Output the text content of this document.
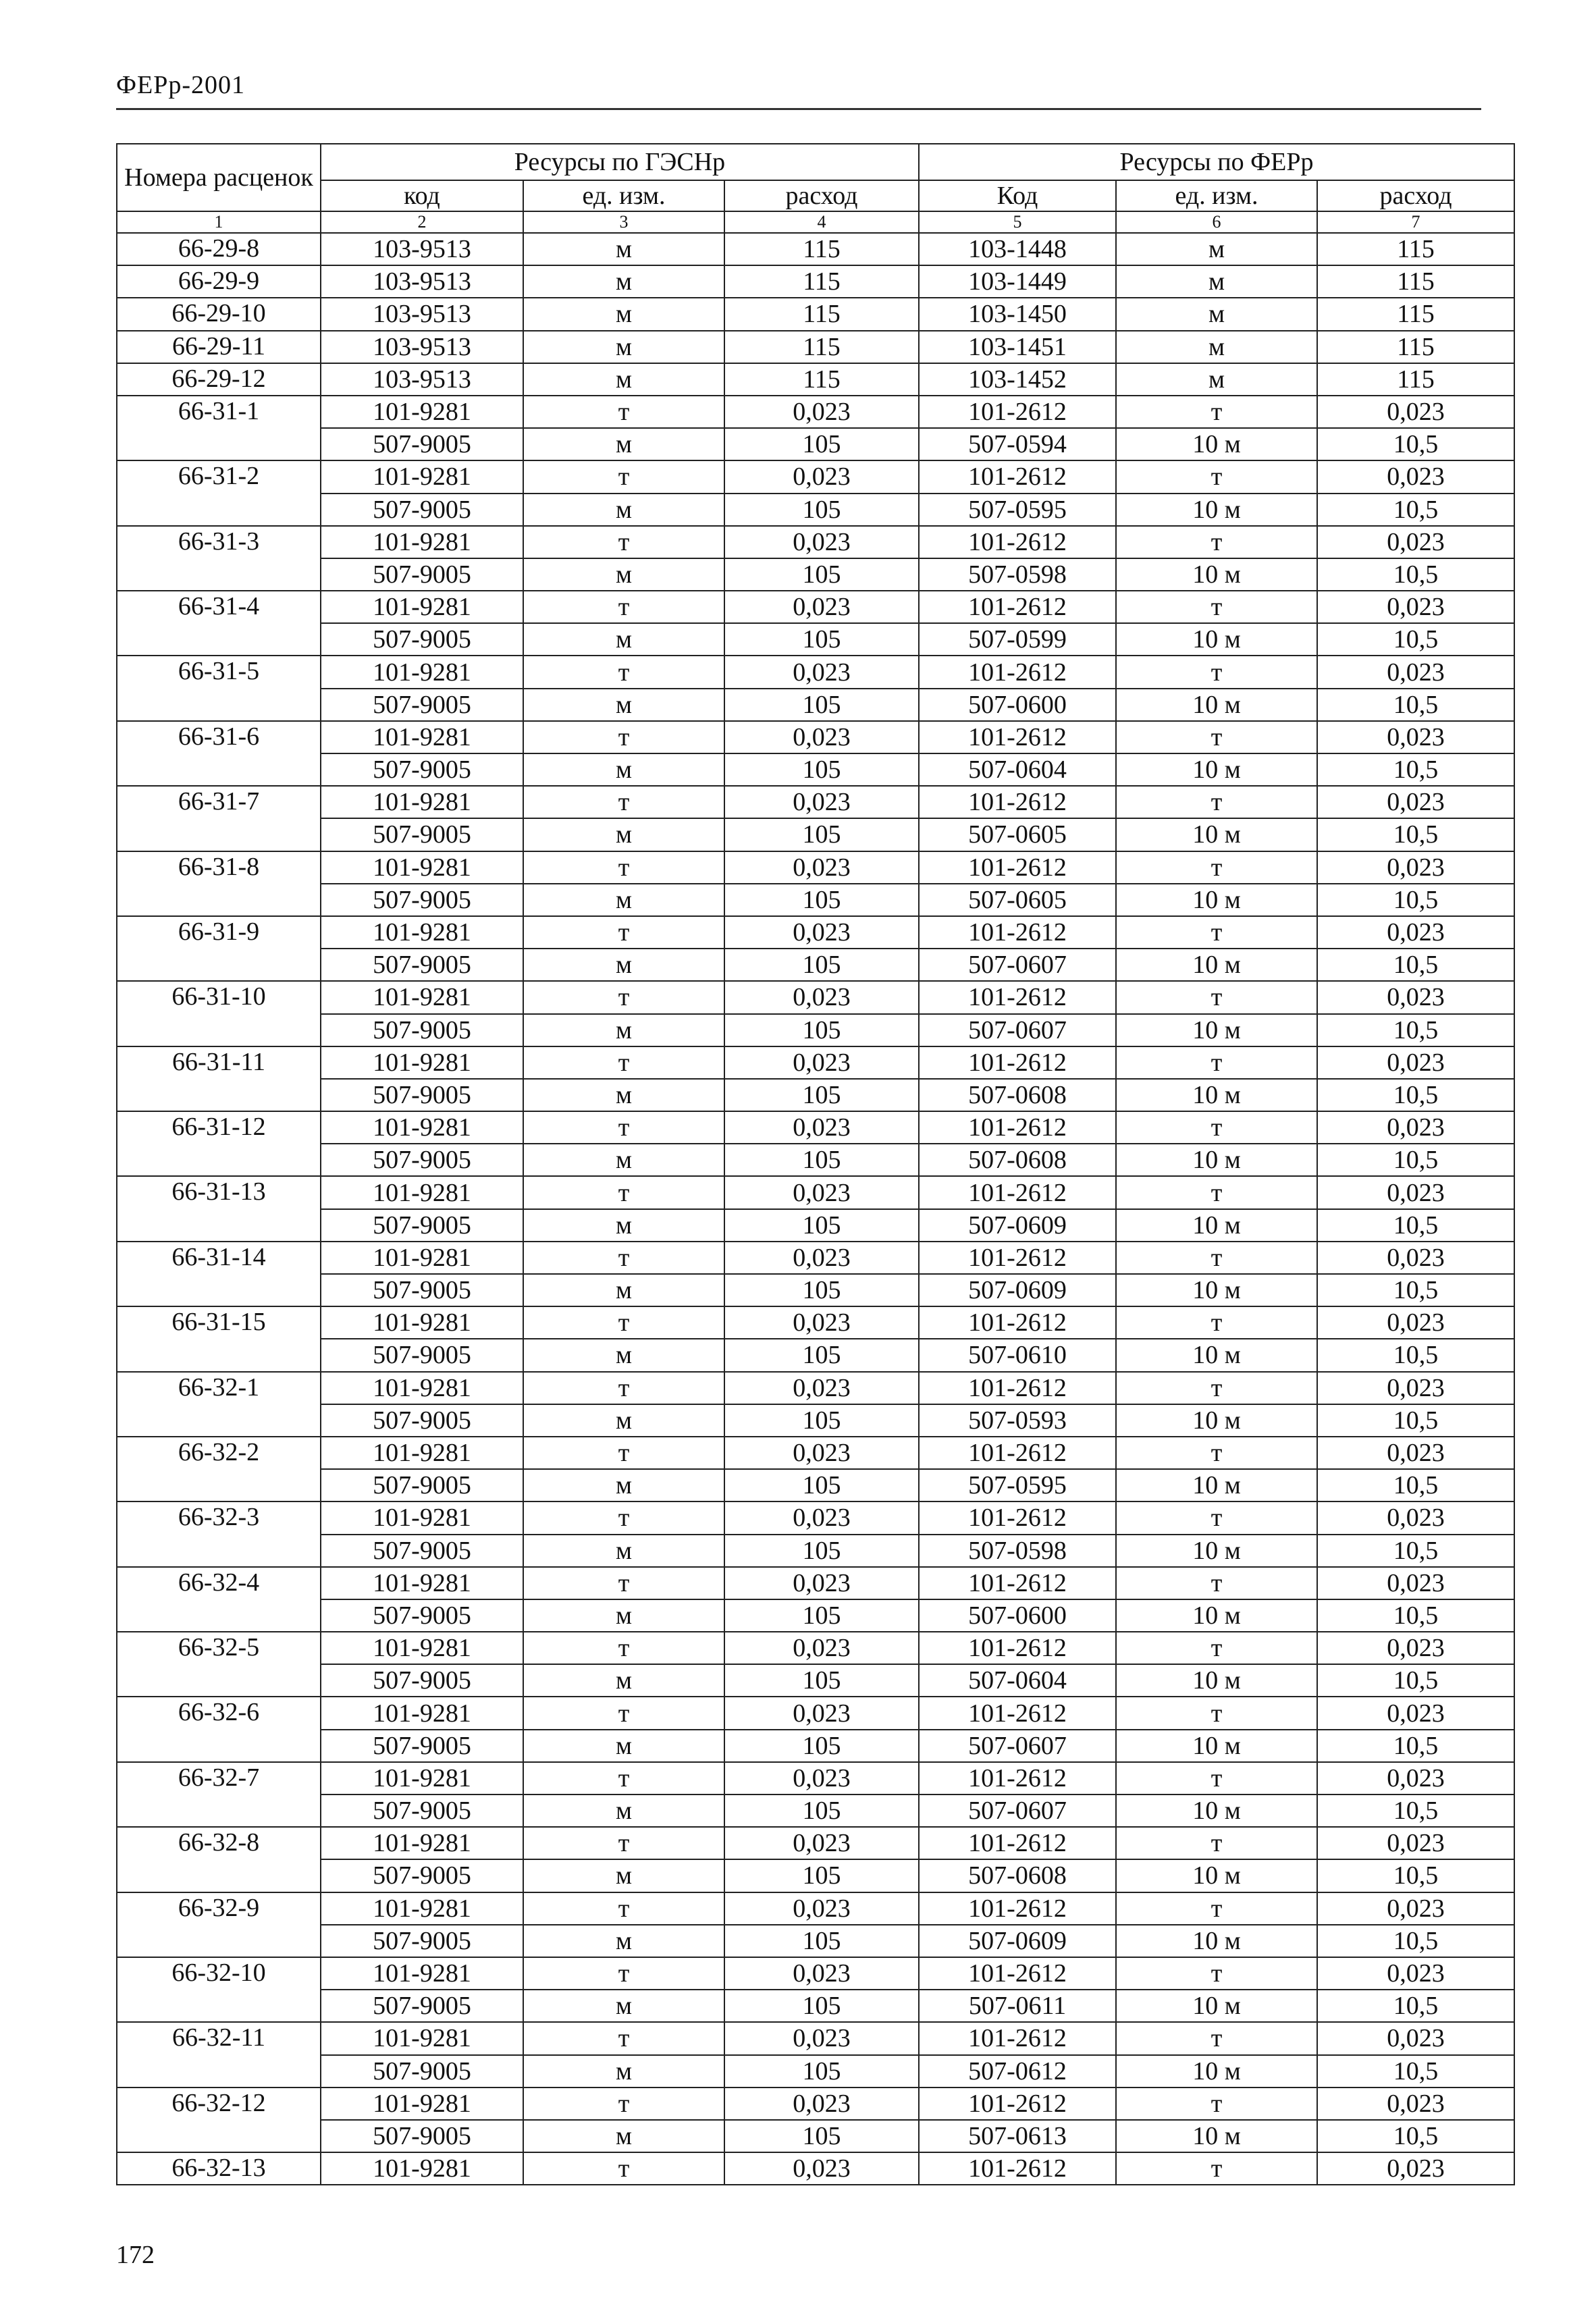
ФЕРр-2001
Номера расценок	Ресурсы по ГЭСНр			Ресурсы по ФЕРр		
	код	ед. изм.	расход	Код	ед. изм.	расход
1	2	3	4	5	6	7
66-29-8	103-9513	м	115	103-1448	м	115
66-29-9	103-9513	м	115	103-1449	м	115
66-29-10	103-9513	м	115	103-1450	м	115
66-29-11	103-9513	м	115	103-1451	м	115
66-29-12	103-9513	м	115	103-1452	м	115
66-31-1	101-9281	т	0,023	101-2612	т	0,023
	507-9005	м	105	507-0594	10 м	10,5
66-31-2	101-9281	т	0,023	101-2612	т	0,023
	507-9005	м	105	507-0595	10 м	10,5
66-31-3	101-9281	т	0,023	101-2612	т	0,023
	507-9005	м	105	507-0598	10 м	10,5
66-31-4	101-9281	т	0,023	101-2612	т	0,023
	507-9005	м	105	507-0599	10 м	10,5
66-31-5	101-9281	т	0,023	101-2612	т	0,023
	507-9005	м	105	507-0600	10 м	10,5
66-31-6	101-9281	т	0,023	101-2612	т	0,023
	507-9005	м	105	507-0604	10 м	10,5
66-31-7	101-9281	т	0,023	101-2612	т	0,023
	507-9005	м	105	507-0605	10 м	10,5
66-31-8	101-9281	т	0,023	101-2612	т	0,023
	507-9005	м	105	507-0605	10 м	10,5
66-31-9	101-9281	т	0,023	101-2612	т	0,023
	507-9005	м	105	507-0607	10 м	10,5
66-31-10	101-9281	т	0,023	101-2612	т	0,023
	507-9005	м	105	507-0607	10 м	10,5
66-31-11	101-9281	т	0,023	101-2612	т	0,023
	507-9005	м	105	507-0608	10 м	10,5
66-31-12	101-9281	т	0,023	101-2612	т	0,023
	507-9005	м	105	507-0608	10 м	10,5
66-31-13	101-9281	т	0,023	101-2612	т	0,023
	507-9005	м	105	507-0609	10 м	10,5
66-31-14	101-9281	т	0,023	101-2612	т	0,023
	507-9005	м	105	507-0609	10 м	10,5
66-31-15	101-9281	т	0,023	101-2612	т	0,023
	507-9005	м	105	507-0610	10 м	10,5
66-32-1	101-9281	т	0,023	101-2612	т	0,023
	507-9005	м	105	507-0593	10 м	10,5
66-32-2	101-9281	т	0,023	101-2612	т	0,023
	507-9005	м	105	507-0595	10 м	10,5
66-32-3	101-9281	т	0,023	101-2612	т	0,023
	507-9005	м	105	507-0598	10 м	10,5
66-32-4	101-9281	т	0,023	101-2612	т	0,023
	507-9005	м	105	507-0600	10 м	10,5
66-32-5	101-9281	т	0,023	101-2612	т	0,023
	507-9005	м	105	507-0604	10 м	10,5
66-32-6	101-9281	т	0,023	101-2612	т	0,023
	507-9005	м	105	507-0607	10 м	10,5
66-32-7	101-9281	т	0,023	101-2612	т	0,023
	507-9005	м	105	507-0607	10 м	10,5
66-32-8	101-9281	т	0,023	101-2612	т	0,023
	507-9005	м	105	507-0608	10 м	10,5
66-32-9	101-9281	т	0,023	101-2612	т	0,023
	507-9005	м	105	507-0609	10 м	10,5
66-32-10	101-9281	т	0,023	101-2612	т	0,023
	507-9005	м	105	507-0611	10 м	10,5
66-32-11	101-9281	т	0,023	101-2612	т	0,023
	507-9005	м	105	507-0612	10 м	10,5
66-32-12	101-9281	т	0,023	101-2612	т	0,023
	507-9005	м	105	507-0613	10 м	10,5
66-32-13	101-9281	т	0,023	101-2612	т	0,023
172
